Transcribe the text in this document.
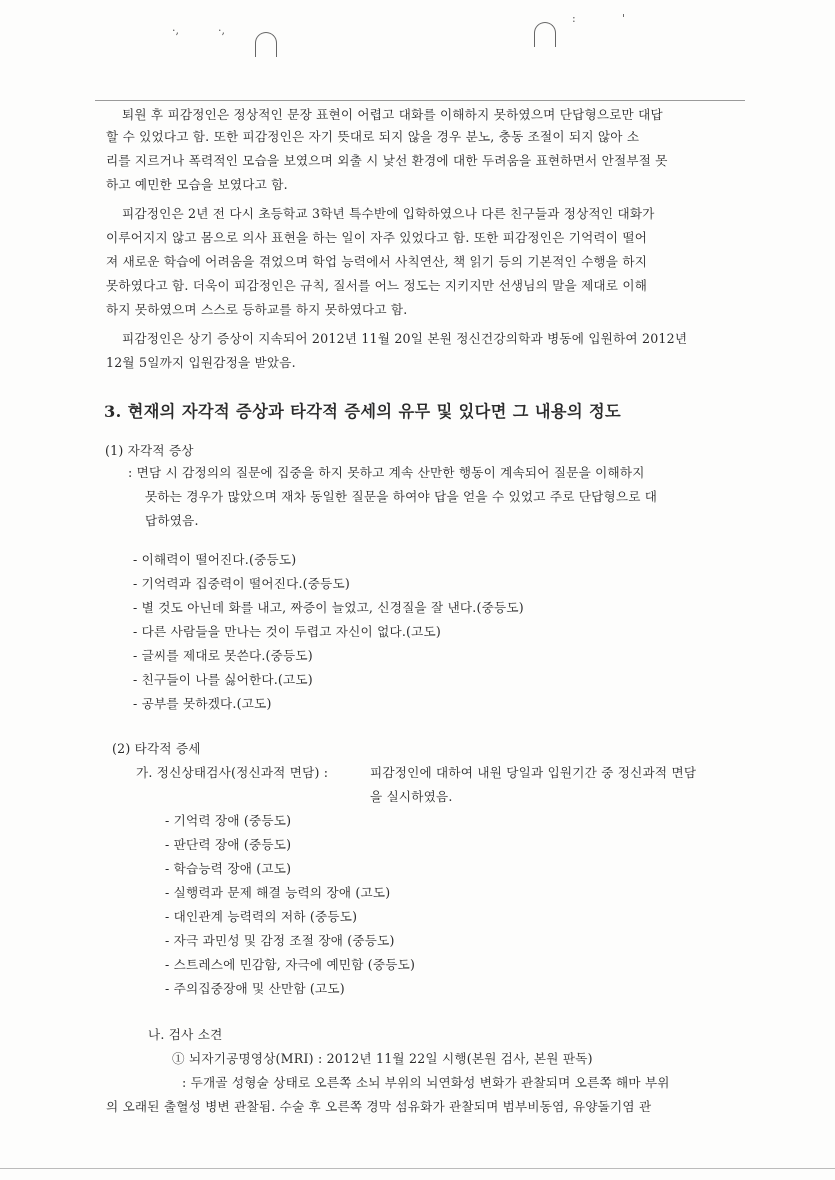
·,	·,
:	'
퇴원 후 피감정인은 정상적인 문장 표현이 어렵고 대화를 이해하지 못하였으며 단답형으로만 대답
할 수 있었다고 함. 또한 피감정인은 자기 뜻대로 되지 않을 경우 분노, 충동 조절이 되지 않아 소
리를 지르거나 폭력적인 모습을 보였으며 외출 시 낯선 환경에 대한 두려움을 표현하면서 안절부절 못
하고 예민한 모습을 보였다고 함.
피감정인은 2년 전 다시 초등학교 3학년 특수반에 입학하였으나 다른 친구들과 정상적인 대화가
이루어지지 않고 몸으로 의사 표현을 하는 일이 자주 있었다고 함. 또한 피감정인은 기억력이 떨어
져 새로운 학습에 어려움을 겪었으며 학업 능력에서 사칙연산, 책 읽기 등의 기본적인 수행을 하지
못하였다고 함. 더욱이 피감정인은 규칙, 질서를 어느 정도는 지키지만 선생님의 말을 제대로 이해
하지 못하였으며 스스로 등하교를 하지 못하였다고 함.
피감정인은 상기 증상이 지속되어 2012년 11월 20일 본원 정신건강의학과 병동에 입원하여 2012년
12월 5일까지 입원감정을 받았음.
3. 현재의 자각적 증상과 타각적 증세의 유무 및 있다면 그 내용의 정도
(1) 자각적 증상
: 면담 시 감정의의 질문에 집중을 하지 못하고 계속 산만한 행동이 계속되어 질문을 이해하지
못하는 경우가 많았으며 재차 동일한 질문을 하여야 답을 얻을 수 있었고 주로 단답형으로 대
답하였음.
- 이해력이 떨어진다.(중등도)
- 기억력과 집중력이 떨어진다.(중등도)
- 별 것도 아닌데 화를 내고, 짜증이 늘었고, 신경질을 잘 낸다.(중등도)
- 다른 사람들을 만나는 것이 두렵고 자신이 없다.(고도)
- 글씨를 제대로 못쓴다.(중등도)
- 친구들이 나를 싫어한다.(고도)
- 공부를 못하겠다.(고도)
(2) 타각적 증세
가. 정신상태검사(정신과적 면담) :	피감정인에 대하여 내원 당일과 입원기간 중 정신과적 면담
을 실시하였음.
- 기억력 장애 (중등도)
- 판단력 장애 (중등도)
- 학습능력 장애 (고도)
- 실행력과 문제 해결 능력의 장애 (고도)
- 대인관계 능력력의 저하 (중등도)
- 자극 과민성 및 감정 조절 장애 (중등도)
- 스트레스에 민감함, 자극에 예민함 (중등도)
- 주의집중장애 및 산만함 (고도)
나. 검사 소견
① 뇌자기공명영상(MRI) : 2012년 11월 22일 시행(본원 검사, 본원 판독)
: 두개골 성형술 상태로 오른쪽 소뇌 부위의 뇌연화성 변화가 관찰되며 오른쪽 해마 부위
의 오래된 출혈성 병변 관찰됨. 수술 후 오른쪽 경막 섬유화가 관찰되며 범부비동염, 유양돌기염 관
